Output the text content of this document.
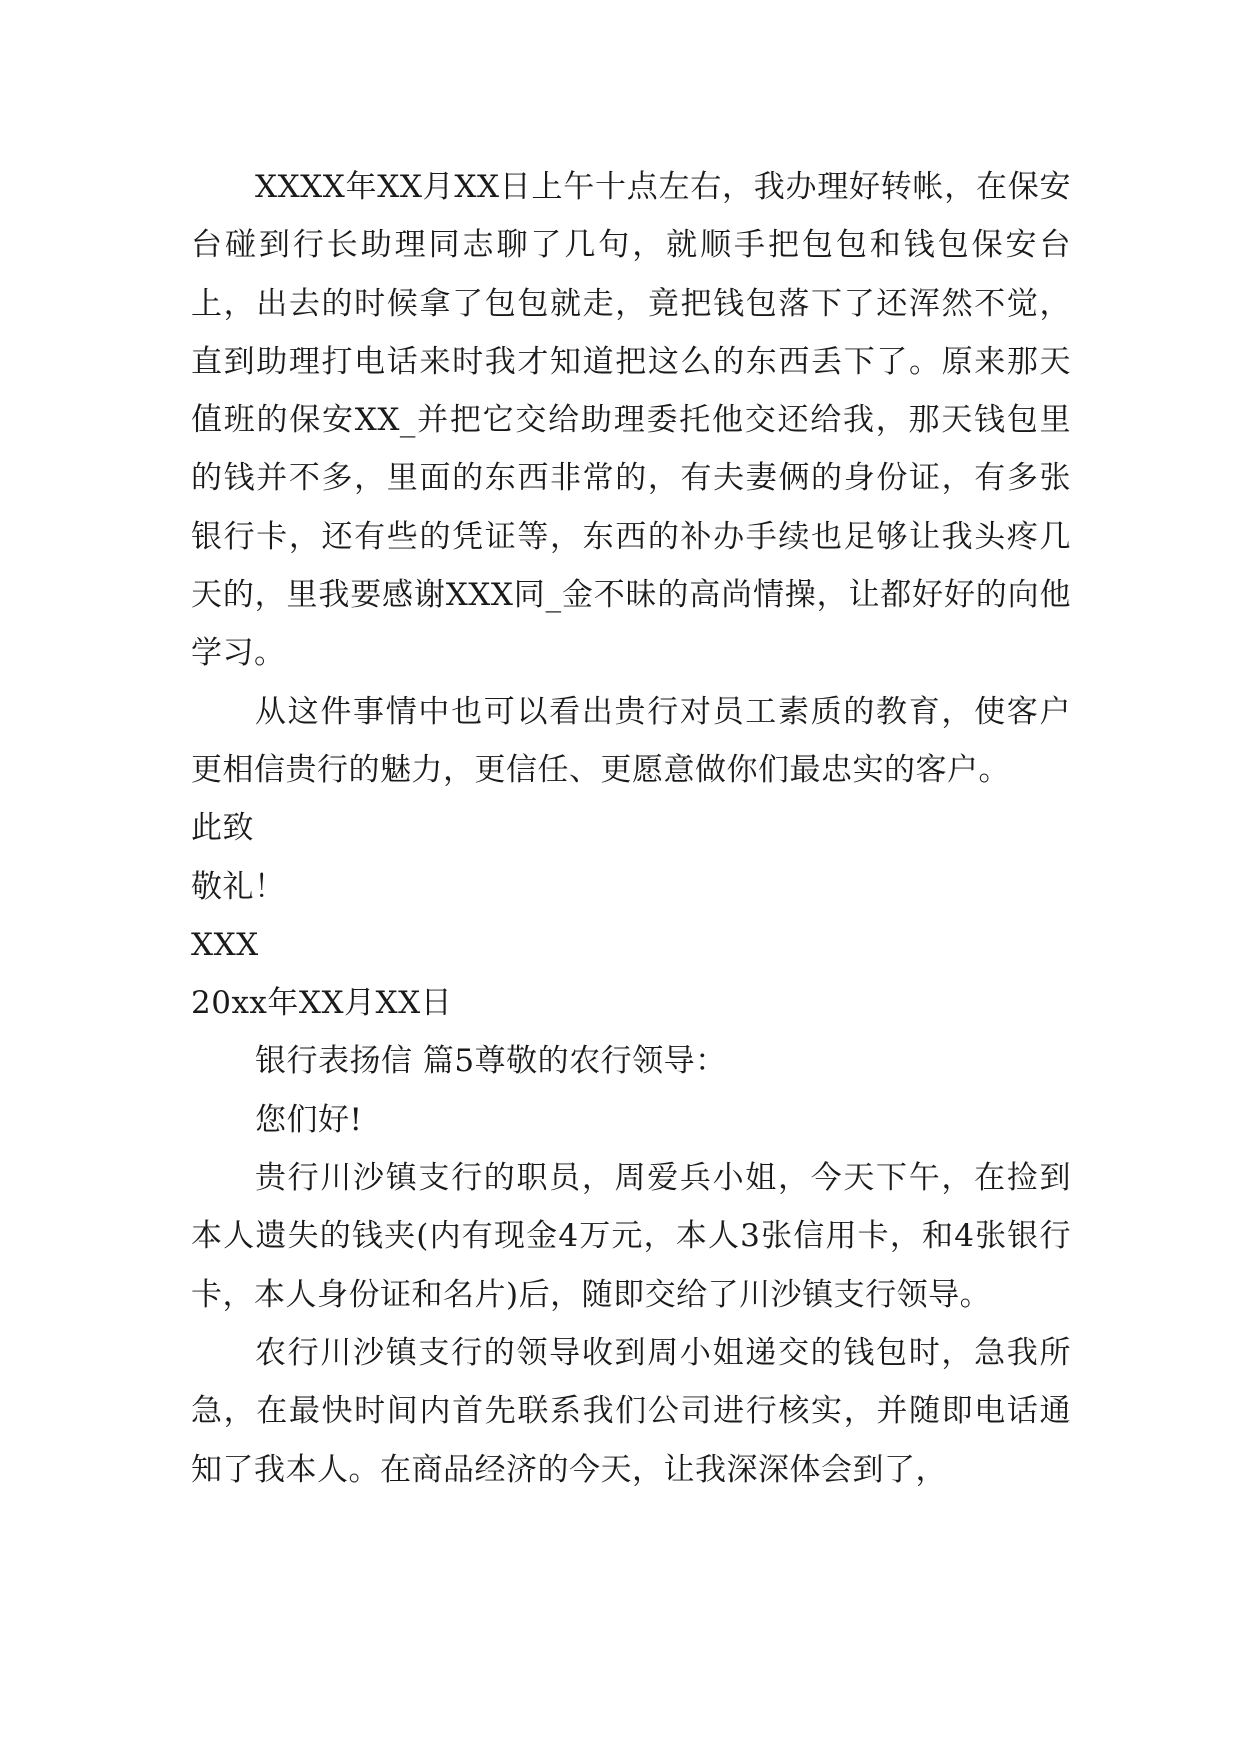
XXXX年XX月XX日上午十点左右，我办理好转帐，在保安台碰到行长助理同志聊了几句，就顺手把包包和钱包保安台上，出去的时候拿了包包就走，竟把钱包落下了还浑然不觉，直到助理打电话来时我才知道把这么的东西丢下了。原来那天值班的保安XX_并把它交给助理委托他交还给我，那天钱包里的钱并不多，里面的东西非常的，有夫妻俩的身份证，有多张银行卡，还有些的凭证等，东西的补办手续也足够让我头疼几天的，里我要感谢XXX同_金不昧的高尚情操，让都好好的向他学习。

从这件事情中也可以看出贵行对员工素质的教育，使客户更相信贵行的魅力，更信任、更愿意做你们最忠实的客户。

此致

敬礼！

XXX

20xx年XX月XX日

银行表扬信 篇5尊敬的农行领导：

您们好!

贵行川沙镇支行的职员，周爱兵小姐，今天下午，在捡到本人遗失的钱夹(内有现金4万元，本人3张信用卡，和4张银行卡，本人身份证和名片)后，随即交给了川沙镇支行领导。

农行川沙镇支行的领导收到周小姐递交的钱包时，急我所急，在最快时间内首先联系我们公司进行核实，并随即电话通知了我本人。在商品经济的今天，让我深深体会到了，
